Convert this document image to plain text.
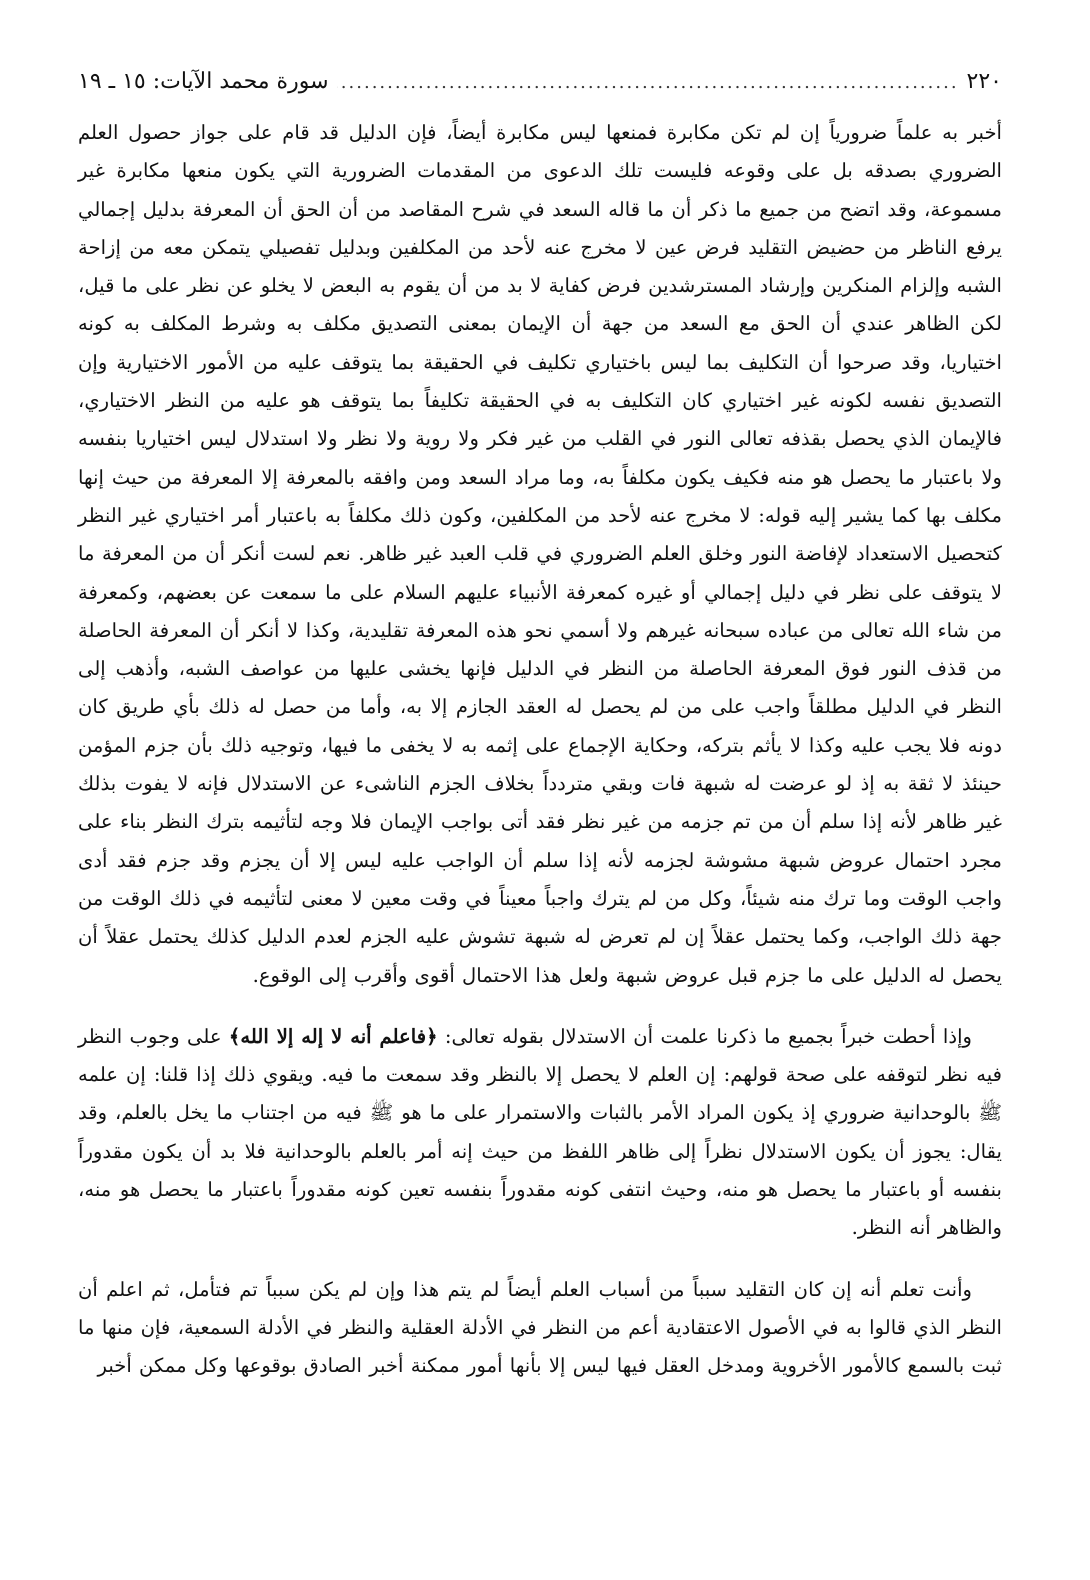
٢٢٠
.....
سورة محمد الآيات: ١٥ ـ ١٩

أخبر به علماً ضرورياً إن لم تكن مكابرة فمنعها ليس مكابرة أيضاً، فإن الدليل قد قام على جواز حصول العلم الضروري بصدقه بل على وقوعه فليست تلك الدعوى من المقدمات الضرورية التي يكون منعها مكابرة غير مسموعة، وقد اتضح من جميع ما ذكر أن ما قاله السعد في شرح المقاصد من أن الحق أن المعرفة بدليل إجمالي يرفع الناظر من حضيض التقليد فرض عين لا مخرج عنه لأحد من المكلفين وبدليل تفصيلي يتمكن معه من إزاحة الشبه وإلزام المنكرين وإرشاد المسترشدين فرض كفاية لا بد من أن يقوم به البعض لا يخلو عن نظر على ما قيل، لكن الظاهر عندي أن الحق مع السعد من جهة أن الإيمان بمعنى التصديق مكلف به وشرط المكلف به كونه اختياريا، وقد صرحوا أن التكليف بما ليس باختياري تكليف في الحقيقة بما يتوقف عليه من الأمور الاختيارية وإن التصديق نفسه لكونه غير اختياري كان التكليف به في الحقيقة تكليفاً بما يتوقف هو عليه من النظر الاختياري، فالإيمان الذي يحصل بقذفه تعالى النور في القلب من غير فكر ولا روية ولا نظر ولا استدلال ليس اختياريا بنفسه ولا باعتبار ما يحصل هو منه فكيف يكون مكلفاً به، وما مراد السعد ومن وافقه بالمعرفة إلا المعرفة من حيث إنها مكلف بها كما يشير إليه قوله: لا مخرج عنه لأحد من المكلفين، وكون ذلك مكلفاً به باعتبار أمر اختياري غير النظر كتحصيل الاستعداد لإفاضة النور وخلق العلم الضروري في قلب العبد غير ظاهر. نعم لست أنكر أن من المعرفة ما لا يتوقف على نظر في دليل إجمالي أو غيره كمعرفة الأنبياء عليهم السلام على ما سمعت عن بعضهم، وكمعرفة من شاء الله تعالى من عباده سبحانه غيرهم ولا أسمي نحو هذه المعرفة تقليدية، وكذا لا أنكر أن المعرفة الحاصلة من قذف النور فوق المعرفة الحاصلة من النظر في الدليل فإنها يخشى عليها من عواصف الشبه، وأذهب إلى النظر في الدليل مطلقاً واجب على من لم يحصل له العقد الجازم إلا به، وأما من حصل له ذلك بأي طريق كان دونه فلا يجب عليه وكذا لا يأثم بتركه، وحكاية الإجماع على إثمه به لا يخفى ما فيها، وتوجيه ذلك بأن جزم المؤمن حينئذ لا ثقة به إذ لو عرضت له شبهة فات وبقي متردداً بخلاف الجزم الناشىء عن الاستدلال فإنه لا يفوت بذلك غير ظاهر لأنه إذا سلم أن من تم جزمه من غير نظر فقد أتى بواجب الإيمان فلا وجه لتأثيمه بترك النظر بناء على مجرد احتمال عروض شبهة مشوشة لجزمه لأنه إذا سلم أن الواجب عليه ليس إلا أن يجزم وقد جزم فقد أدى واجب الوقت وما ترك منه شيئاً، وكل من لم يترك واجباً معيناً في وقت معين لا معنى لتأثيمه في ذلك الوقت من جهة ذلك الواجب، وكما يحتمل عقلاً إن لم تعرض له شبهة تشوش عليه الجزم لعدم الدليل كذلك يحتمل عقلاً أن يحصل له الدليل على ما جزم قبل عروض شبهة ولعل هذا الاحتمال أقوى وأقرب إلى الوقوع.

وإذا أحطت خبراً بجميع ما ذكرنا علمت أن الاستدلال بقوله تعالى: ﴿فاعلم أنه لا إله إلا الله﴾ على وجوب النظر فيه نظر لتوقفه على صحة قولهم: إن العلم لا يحصل إلا بالنظر وقد سمعت ما فيه. ويقوي ذلك إذا قلنا: إن علمه ﷺ بالوحدانية ضروري إذ يكون المراد الأمر بالثبات والاستمرار على ما هو ﷺ فيه من اجتناب ما يخل بالعلم، وقد يقال: يجوز أن يكون الاستدلال نظراً إلى ظاهر اللفظ من حيث إنه أمر بالعلم بالوحدانية فلا بد أن يكون مقدوراً بنفسه أو باعتبار ما يحصل هو منه، وحيث انتفى كونه مقدوراً بنفسه تعين كونه مقدوراً باعتبار ما يحصل هو منه، والظاهر أنه النظر.

وأنت تعلم أنه إن كان التقليد سبباً من أسباب العلم أيضاً لم يتم هذا وإن لم يكن سبباً تم فتأمل، ثم اعلم أن النظر الذي قالوا به في الأصول الاعتقادية أعم من النظر في الأدلة العقلية والنظر في الأدلة السمعية، فإن منها ما ثبت بالسمع كالأمور الأخروية ومدخل العقل فيها ليس إلا بأنها أمور ممكنة أخبر الصادق بوقوعها وكل ممكن أخبر
